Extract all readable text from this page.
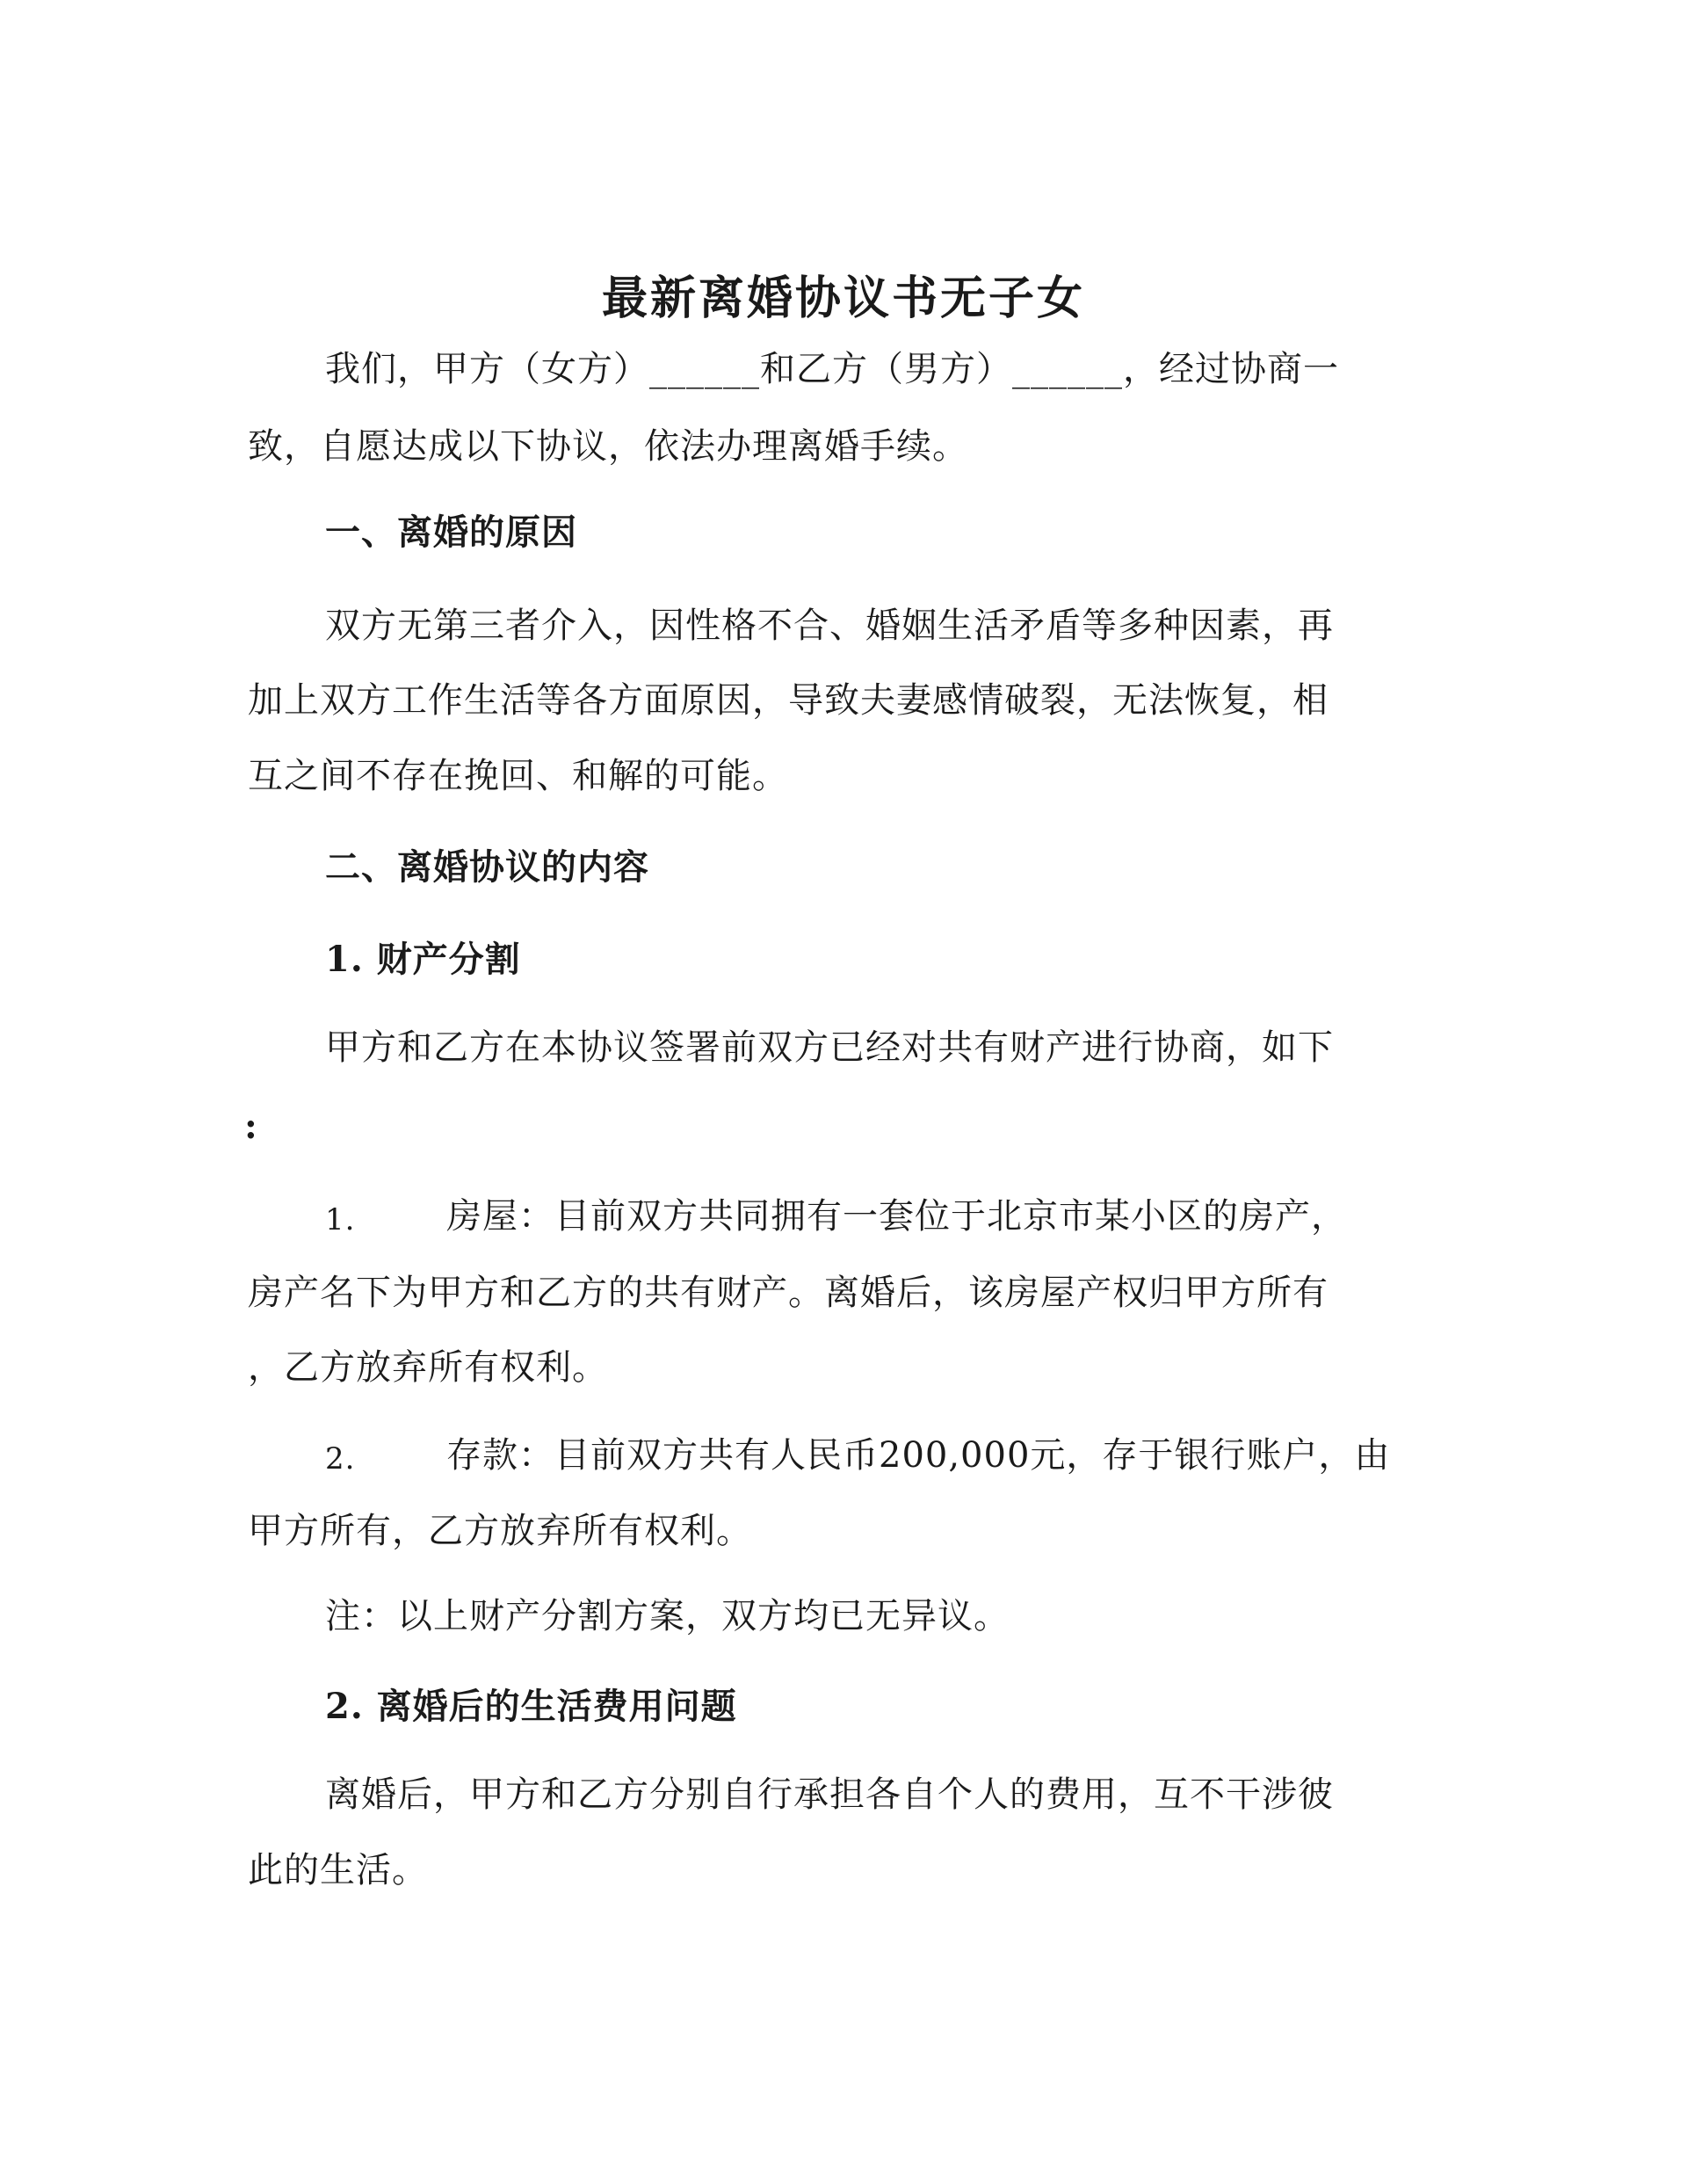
最新离婚协议书无子女
我们，甲方（女方）______和乙方（男方）______，经过协商一
致，自愿达成以下协议，依法办理离婚手续。
一、离婚的原因
双方无第三者介入，因性格不合、婚姻生活矛盾等多种因素，再
加上双方工作生活等各方面原因，导致夫妻感情破裂，无法恢复，相
互之间不存在挽回、和解的可能。
二、离婚协议的内容
1. 财产分割
甲方和乙方在本协议签署前双方已经对共有财产进行协商，如下
:
1.	房屋：目前双方共同拥有一套位于北京市某小区的房产，
房产名下为甲方和乙方的共有财产。离婚后，该房屋产权归甲方所有
，乙方放弃所有权利。
2.	存款：目前双方共有人民币200,000元，存于银行账户，由
甲方所有，乙方放弃所有权利。
注：以上财产分割方案，双方均已无异议。
2. 离婚后的生活费用问题
离婚后，甲方和乙方分别自行承担各自个人的费用，互不干涉彼
此的生活。
